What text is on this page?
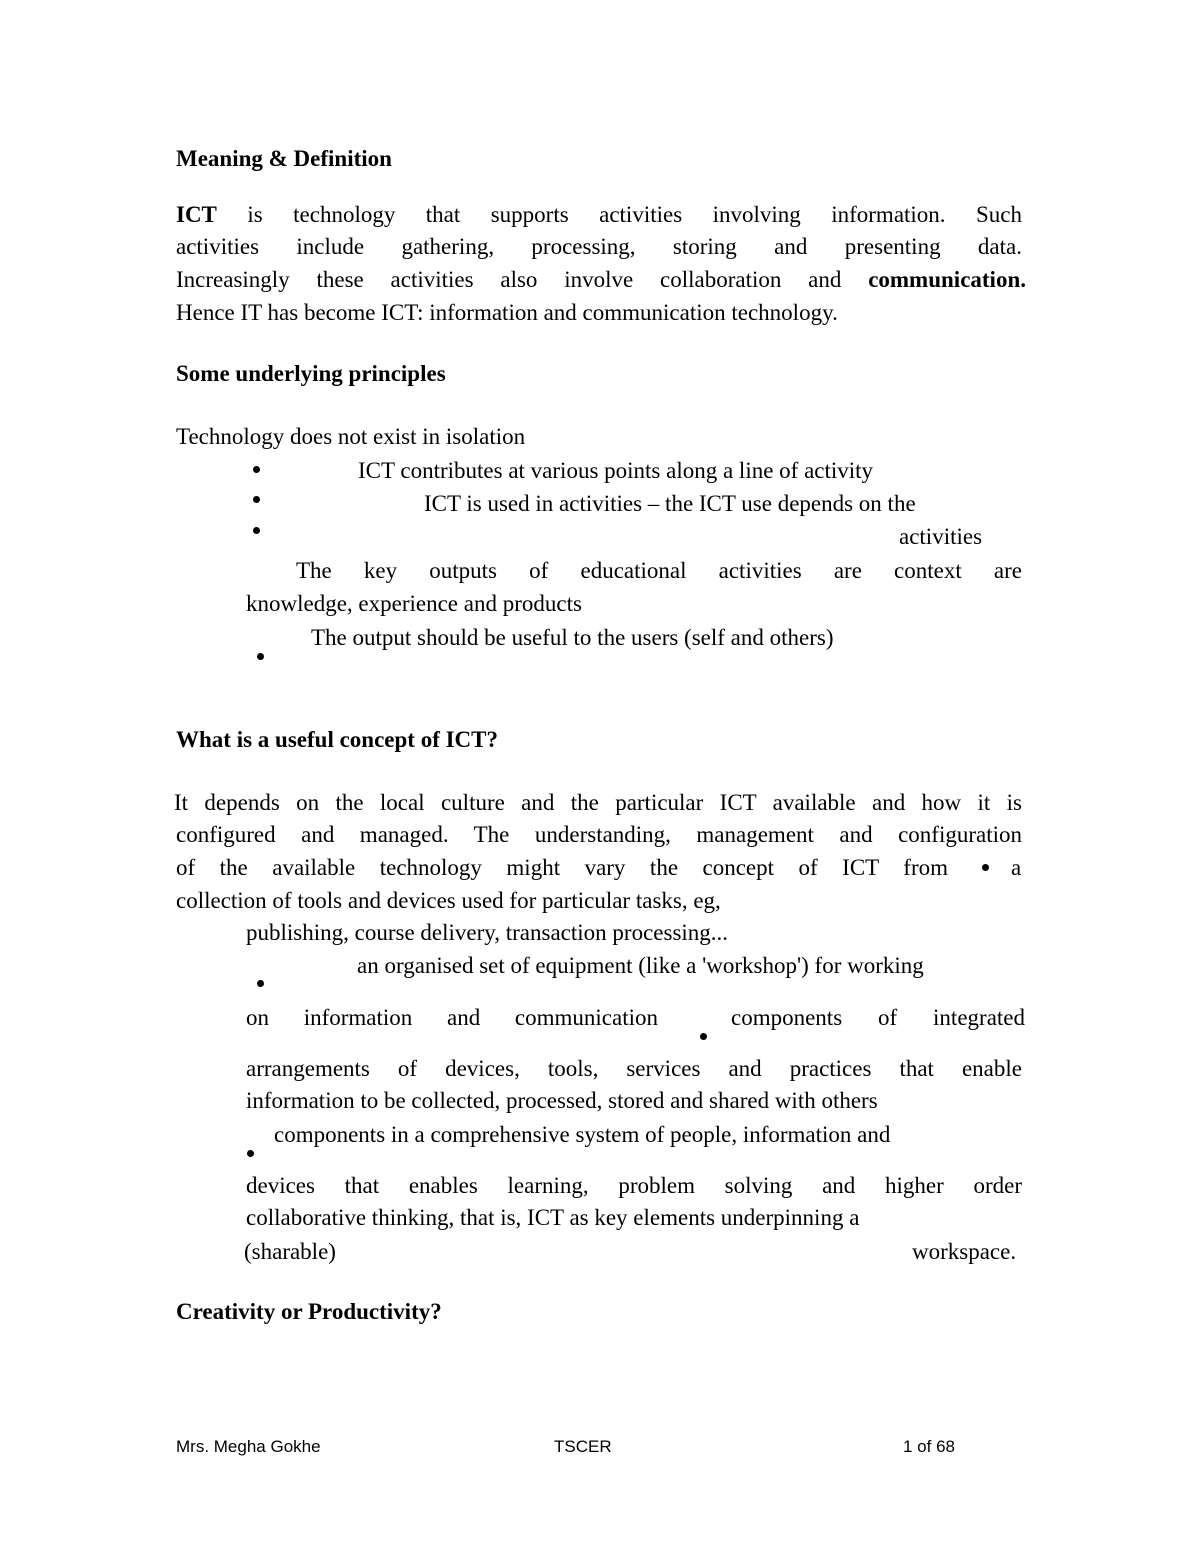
Meaning & Definition
ICT is technology that supports activities involving information. Such
activities include gathering, processing, storing and presenting data.
Increasingly these activities also involve collaboration and communication.
Hence IT has become ICT: information and communication technology.
Some underlying principles
Technology does not exist in isolation
ICT contributes at various points along a line of activity
ICT is used in activities – the ICT use depends on the
activities
The key outputs of educational activities are context are
knowledge, experience and products
The output should be useful to the users (self and others)
What is a useful concept of ICT?
It depends on the local culture and the particular ICT available and how it is
configured and managed. The understanding, management and configuration
of the available technology might vary the concept of ICT from	a
collection of tools and devices used for particular tasks, eg,
publishing, course delivery, transaction processing...
an organised set of equipment (like a 'workshop') for working
on information and communication	components of integrated
arrangements of devices, tools, services and practices that enable
information to be collected, processed, stored and shared with others
components in a comprehensive system of people, information and
devices that enables learning, problem solving and higher order
collaborative thinking, that is, ICT as key elements underpinning a
(sharable)	workspace.
Creativity or Productivity?
Mrs. Megha Gokhe	TSCER	1 of 68
